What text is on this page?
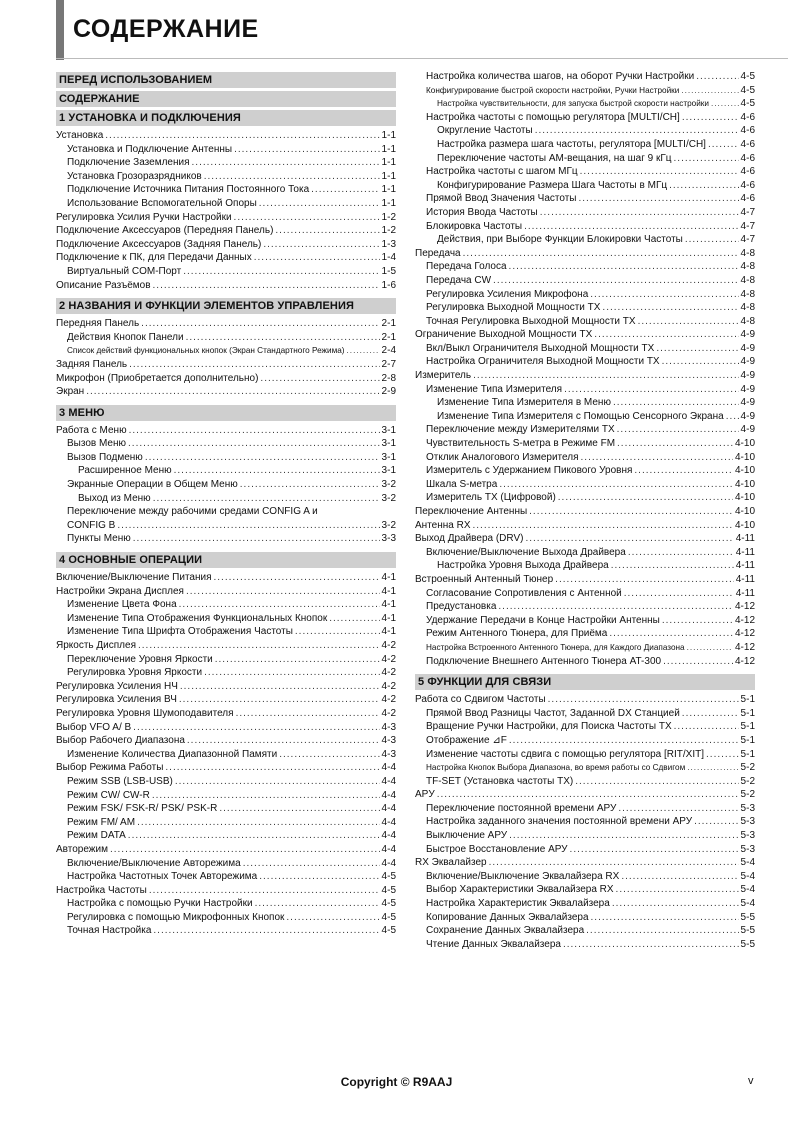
СОДЕРЖАНИЕ
ПЕРЕД ИСПОЛЬЗОВАНИЕМ
СОДЕРЖАНИЕ
1 УСТАНОВКА И ПОДКЛЮЧЕНИЯ
Установка .....	1-1
Установка и Подключение Антенны .....	1-1
Подключение Заземления .....	1-1
Установка Грозоразрядников .....	1-1
Подключение Источника Питания Постоянного Тока .....	1-1
Использование Вспомогательной Опоры .....	1-1
Регулировка Усилия Ручки Настройки .....	1-2
Подключение Аксессуаров (Передняя Панель) .....	1-2
Подключение Аксессуаров (Задняя Панель) .....	1-3
Подключение к ПК, для Передачи Данных .....	1-4
Виртуальный COM-Порт .....	1-5
Описание Разъёмов .....	1-6
2 НАЗВАНИЯ И ФУНКЦИИ ЭЛЕМЕНТОВ УПРАВЛЕНИЯ
Передняя Панель .....	2-1
Действия Кнопок Панели .....	2-1
Список действий функциональных кнопок (Экран Стандартного Режима) .....	2-4
Задняя Панель .....	2-7
Микрофон (Приобретается дополнительно) .....	2-8
Экран .....	2-9
3 МЕНЮ
Работа с Меню .....	3-1
Вызов Меню .....	3-1
Вызов Подменю .....	3-1
Расширенное Меню .....	3-1
Экранные Операции в Общем Меню .....	3-2
Выход из Меню .....	3-2
Переключение между рабочими средами CONFIG A и
CONFIG B .....	3-2
Пункты Меню .....	3-3
4 ОСНОВНЫЕ ОПЕРАЦИИ
Включение/Выключение Питания .....	4-1
Настройки Экрана Дисплея .....	4-1
Изменение Цвета Фона .....	4-1
Изменение Типа Отображения Функциональных Кнопок .....	4-1
Изменение Типа Шрифта Отображения Частоты .....	4-1
Яркость Дисплея .....	4-2
Переключение Уровня Яркости .....	4-2
Регулировка Уровня Яркости .....	4-2
Регулировка Усиления НЧ .....	4-2
Регулировка Усиления ВЧ .....	4-2
Регулировка Уровня Шумоподавителя .....	4-2
Выбор VFO A/ B .....	4-3
Выбор Рабочего Диапазона .....	4-3
Изменение Количества Диапазонной Памяти .....	4-3
Выбор Режима Работы .....	4-4
Режим SSB (LSB-USB) .....	4-4
Режим CW/ CW-R .....	4-4
Режим FSK/ FSK-R/ PSK/ PSK-R .....	4-4
Режим FM/ AM .....	4-4
Режим DATA .....	4-4
Авторежим .....	4-4
Включение/Выключение Авторежима .....	4-4
Настройка Частотных Точек Авторежима .....	4-5
Настройка Частоты .....	4-5
Настройка с помощью Ручки Настройки .....	4-5
Регулировка с помощью Микрофонных Кнопок .....	4-5
Точная Настройка .....	4-5
Настройка количества шагов, на оборот Ручки Настройки .....	4-5
Конфигурирование быстрой скорости настройки, Ручки Настройки .....	4-5
Настройка чувствительности, для запуска быстрой скорости настройки .....	4-5
Настройка частоты с помощью регулятора [MULTI/CH] .....	4-6
Округление Частоты .....	4-6
Настройка размера шага частоты, регулятора [MULTI/CH] .....	4-6
Переключение частоты AM-вещания, на шаг 9 кГц .....	4-6
Настройка частоты с шагом МГц .....	4-6
Конфигурирование Размера Шага Частоты в МГц .....	4-6
Прямой Ввод Значения Частоты .....	4-6
История Ввода Частоты .....	4-7
Блокировка Частоты .....	4-7
Действия, при Выборе Функции Блокировки Частоты .....	4-7
Передача .....	4-8
Передача Голоса .....	4-8
Передача CW .....	4-8
Регулировка Усиления Микрофона .....	4-8
Регулировка Выходной Мощности TX .....	4-8
Точная Регулировка Выходной Мощности TX .....	4-8
Ограничение Выходной Мощности TX .....	4-9
Вкл/Выкл Ограничителя Выходной Мощности TX .....	4-9
Настройка Ограничителя Выходной Мощности TX .....	4-9
Измеритель .....	4-9
Изменение Типа Измерителя .....	4-9
Изменение Типа Измерителя в Меню .....	4-9
Изменение Типа Измерителя с Помощью Сенсорного Экрана ..... 4-9
Переключение между Измерителями TX .....	4-9
Чувствительность S-метра в Режиме FM .....	4-10
Отклик Аналогового Измерителя .....	4-10
Измеритель с Удержанием Пикового Уровня .....	4-10
Шкала S-метра .....	4-10
Измеритель TX (Цифровой) .....	4-10
Переключение Антенны .....	4-10
Антенна RX .....	4-10
Выход Драйвера (DRV) .....	4-11
Включение/Выключение Выхода Драйвера .....	4-11
Настройка Уровня Выхода Драйвера .....	4-11
Встроенный Антенный Тюнер .....	4-11
Согласование Сопротивления с Антенной .....	4-11
Предустановка .....	4-12
Удержание Передачи в Конце Настройки Антенны .....	4-12
Режим Антенного Тюнера, для Приёма .....	4-12
Настройка Встроенного Антенного Тюнера, для Каждого Диапазона .....	4-12
Подключение Внешнего Антенного Тюнера AT-300 .....	4-12
5 ФУНКЦИИ ДЛЯ СВЯЗИ
Работа со Сдвигом Частоты .....	5-1
Прямой Ввод Разницы Частот, Заданной DX Станцией .....	5-1
Вращение Ручки Настройки, для Поиска Частоты TX .....	5-1
Отображение ⊿F .....	5-1
Изменение частоты сдвига с помощью регулятора [RIT/XIT] .....	5-1
Настройка Кнопок Выбора Диапазона, во время работы со Сдвигом .....	5-2
TF-SET (Установка частоты TX) .....	5-2
APУ .....	5-2
Переключение постоянной времени АРУ .....	5-3
Настройка заданного значения постоянной времени АРУ .....	5-3
Выключение АРУ .....	5-3
Быстрое Восстановление АРУ .....	5-3
RX Эквалайзер .....	5-4
Включение/Выключение Эквалайзера RX .....	5-4
Выбор Характеристики Эквалайзера RX .....	5-4
Настройка Характеристик Эквалайзера .....	5-4
Копирование Данных Эквалайзера .....	5-5
Сохранение Данных Эквалайзера .....	5-5
Чтение Данных Эквалайзера .....	5-5
Copyright © R9AAJ	v
